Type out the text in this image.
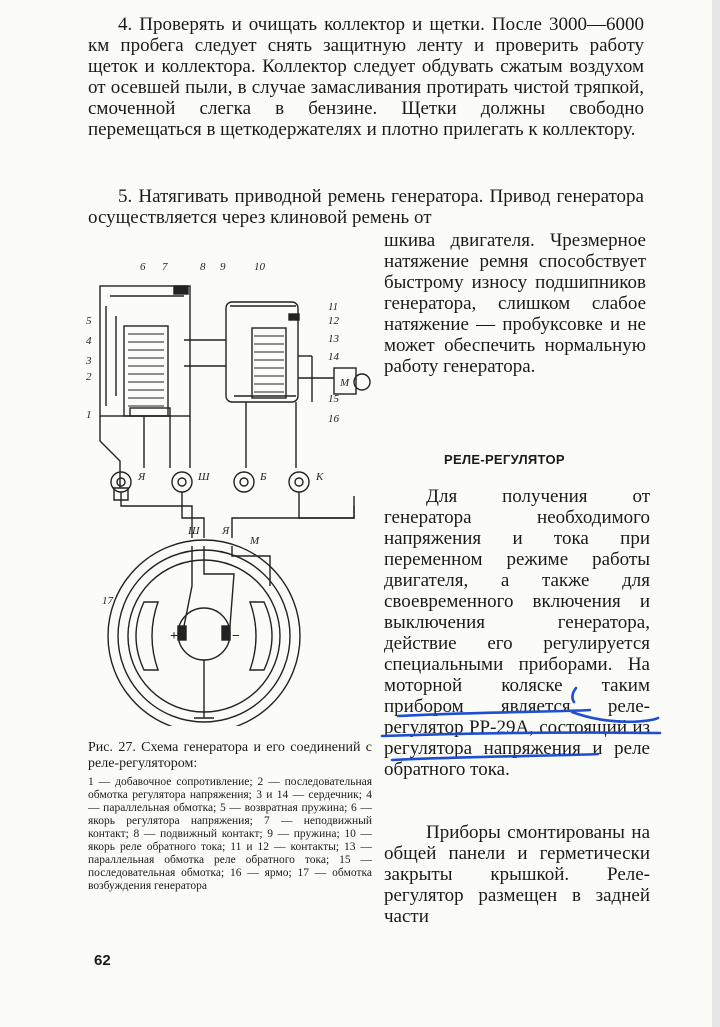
4. Проверять и очищать коллектор и щетки. После 3000—6000 км пробега следует снять защитную ленту и проверить работу щеток и коллектора. Коллектор следует обдувать сжатым воздухом от осевшей пыли, в случае замасливания протирать чистой тряпкой, смоченной слегка в бензине. Щетки должны свободно перемещаться в щеткодержателях и плотно прилегать к коллектору.

5. Натягивать приводной ремень генератора. Привод генератора осуществляется через клиновой ремень от

шкива двигателя. Чрезмерное натяжение ремня способствует быстрому износу подшипников генератора, слишком слабое натяжение — пробуксовке и не может обеспечить нормальную работу генератора.

РЕЛЕ-РЕГУЛЯТОР

Для получения от генератора необходимого напряжения и тока при переменном режиме работы двигателя, а также для своевременного включения и выключения генератора, действие его регулируется специальными приборами. На моторной коляске таким прибором является реле-регулятор РР-29А, состоящий из регулятора напряжения и реле обратного тока.

Приборы смонтированы на общей панели и герметически закрыты крышкой. Реле-регулятор размещен в задней части

Рис. 27. Схема генератора и его соединений с реле-регулятором:
1 — добавочное сопротивление; 2 — последовательная обмотка регулятора напряжения; 3 и 14 — сердечник; 4 — параллельная обмотка; 5 — возвратная пружина; 6 — якорь регулятора напряжения; 7 — неподвижный контакт; 8 — подвижный контакт; 9 — пружина; 10 — якорь реле обратного тока; 11 и 12 — контакты; 13 — параллельная обмотка реле обратного тока; 15 — последовательная обмотка; 16 — ярмо; 17 — обмотка возбуждения генератора
62
6 7	8 9	10
5
4
3
2
1
11
12
13
14
15
16
17
Я	Ш	Б	К
Ш Я
М
М
+	−
